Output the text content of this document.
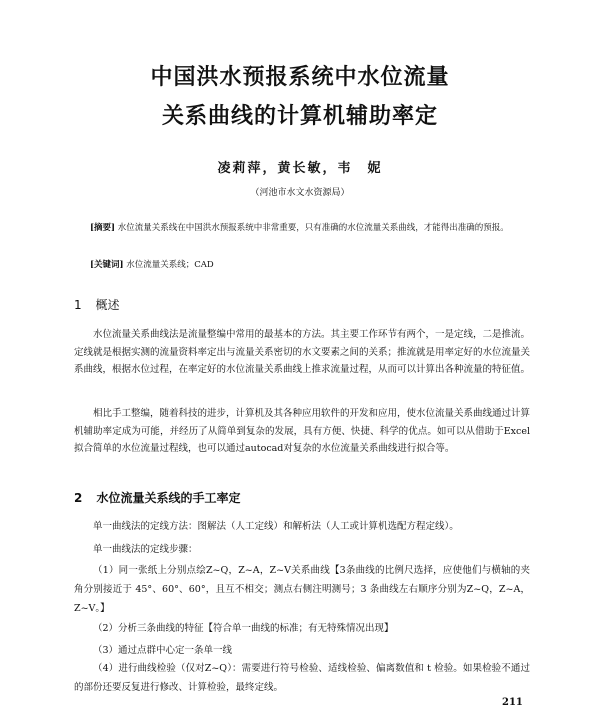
中国洪水预报系统中水位流量
关系曲线的计算机辅助率定
凌莉萍，黄长敏，韦　妮
（河池市水文水资源局）
[摘要] 水位流量关系线在中国洪水预报系统中非常重要，只有准确的水位流量关系曲线，才能得出准确的预报。
[关键词] 水位流量关系线；CAD
1 概述
水位流量关系曲线法是流量整编中常用的最基本的方法。其主要工作环节有两个，一是定线，二是推流。定线就是根据实测的流量资料率定出与流量关系密切的水文要素之间的关系；推流就是用率定好的水位流量关系曲线，根据水位过程，在率定好的水位流量关系曲线上推求流量过程，从而可以计算出各种流量的特征值。
相比手工整编，随着科技的进步，计算机及其各种应用软件的开发和应用，使水位流量关系曲线通过计算机辅助率定成为可能，并经历了从简单到复杂的发展，具有方便、快捷、科学的优点。如可以从借助于Excel拟合简单的水位流量过程线，也可以通过autocad对复杂的水位流量关系曲线进行拟合等。
2 水位流量关系线的手工率定
单一曲线法的定线方法：图解法（人工定线）和解析法（人工或计算机选配方程定线）。
单一曲线法的定线步骤：
（1）同一张纸上分别点绘Z~Q，Z~A，Z~V关系曲线【3条曲线的比例尺选择，应使他们与横轴的夹角分别接近于 45°、60°、60°，且互不相交；测点右侧注明测号；3 条曲线左右顺序分别为Z~Q，Z~A，Z~V。】
（2）分析三条曲线的特征【符合单一曲线的标准；有无特殊情况出现】
（3）通过点群中心定一条单一线
（4）进行曲线检验（仅对Z~Q）：需要进行符号检验、适线检验、偏离数值和 t 检验。如果检验不通过的部份还要反复进行修改、计算检验，最终定线。
211
